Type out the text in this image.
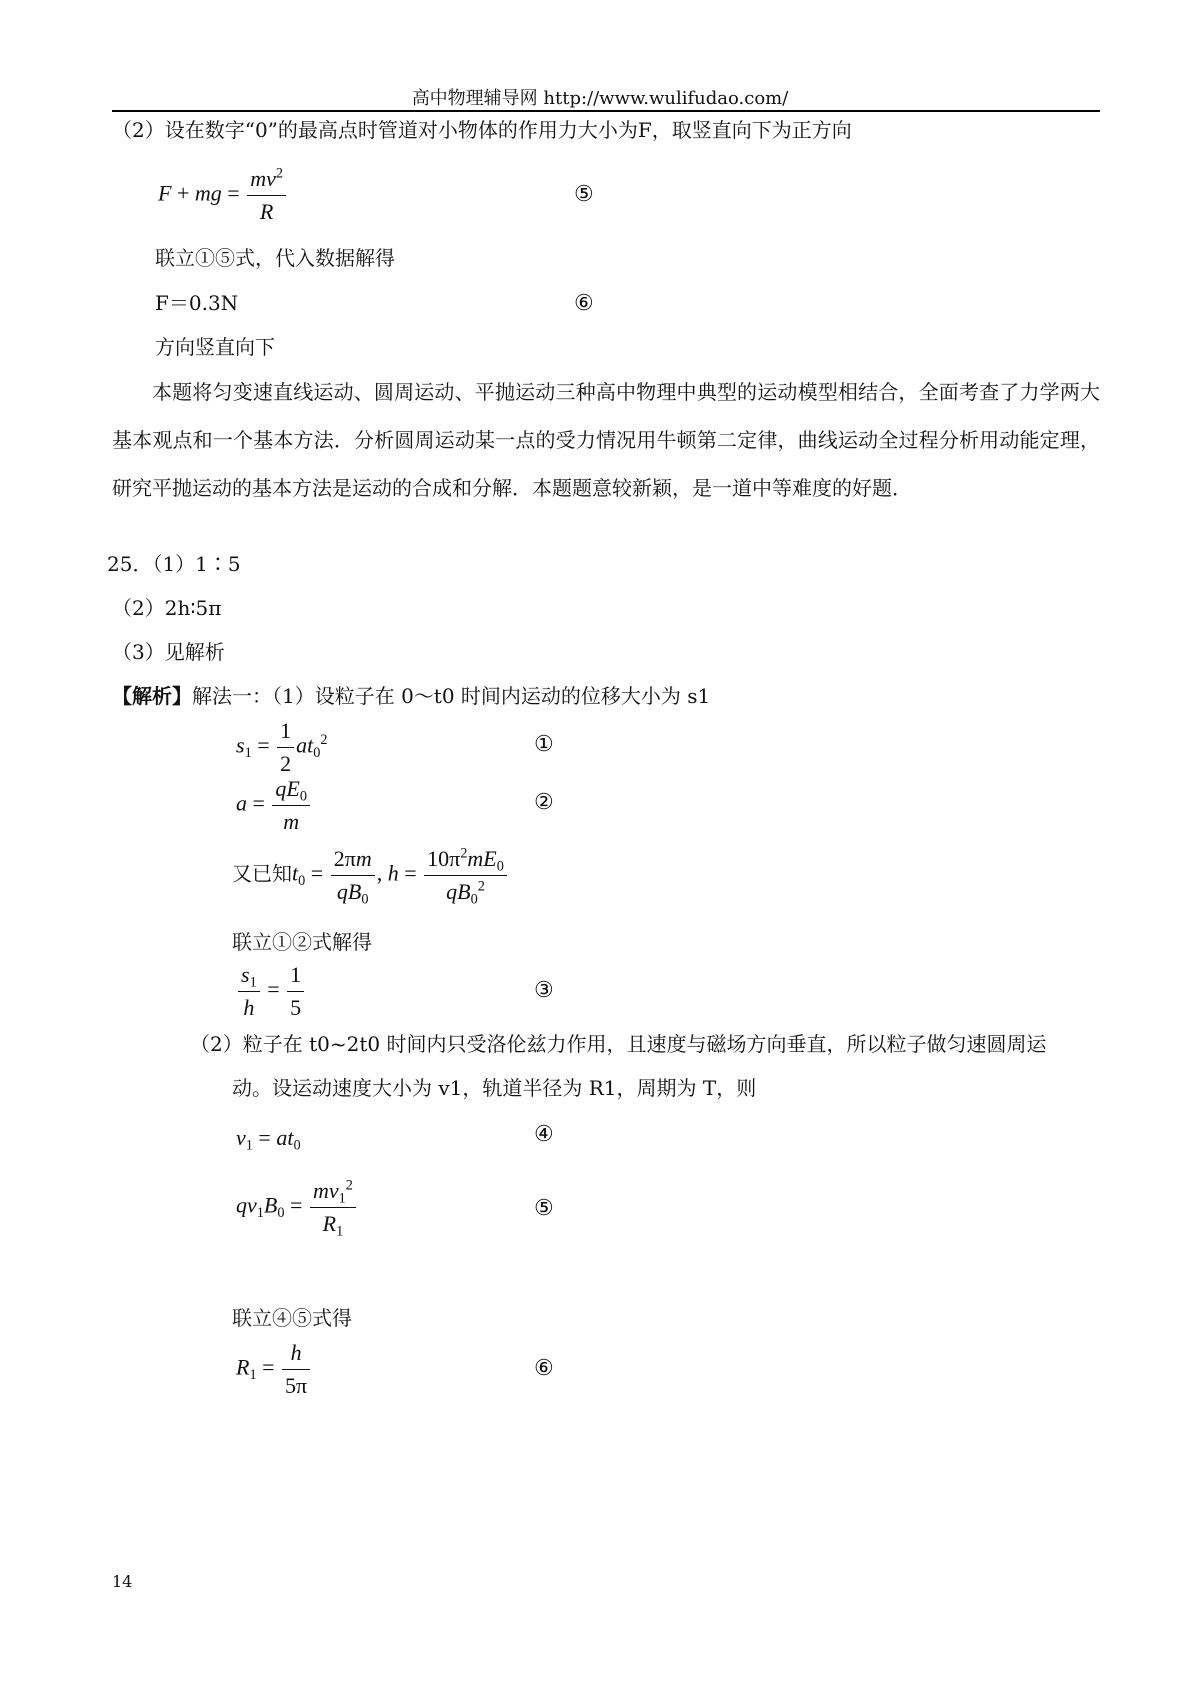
高中物理辅导网 http://www.wulifudao.com/
（2）设在数字“0”的最高点时管道对小物体的作用力大小为F，取竖直向下为正方向
F + mg = $\frac{mv^2}{R}$	⑤
联立①⑤式，代入数据解得
F＝0.3N	⑥
方向竖直向下
本题将匀变速直线运动、圆周运动、平抛运动三种高中物理中典型的运动模型相结合，全面考查了力学两大基本观点和一个基本方法．分析圆周运动某一点的受力情况用牛顿第二定律，曲线运动全过程分析用动能定理，研究平抛运动的基本方法是运动的合成和分解．本题题意较新颖，是一道中等难度的好题．
25．（1）1∶5
（2）2h∶5π
（3）见解析
【解析】解法一：（1）设粒子在 0～t0 时间内运动的位移大小为 s1
$s_1 = \frac{1}{2} at_0^2$	①
$a = \frac{qE_0}{m}$	②
又已知$t_0 = \frac{2\pi m}{qB_0}$ , $h = \frac{10\pi^2mE_0}{qB_0^2}$
联立①②式解得
$\frac{s_1}{h} = \frac{1}{5}$	③
（2）粒子在 t0~2t0 时间内只受洛伦兹力作用，且速度与磁场方向垂直，所以粒子做匀速圆周运
动。设运动速度大小为 v1，轨道半径为 R1，周期为 T，则
$v_1 = at_0$	④
$qv_1B_0 = \frac{mv_1^2}{R_1}$	⑤
联立④⑤式得
$R_1 = \frac{h}{5\pi}$	⑥
14
